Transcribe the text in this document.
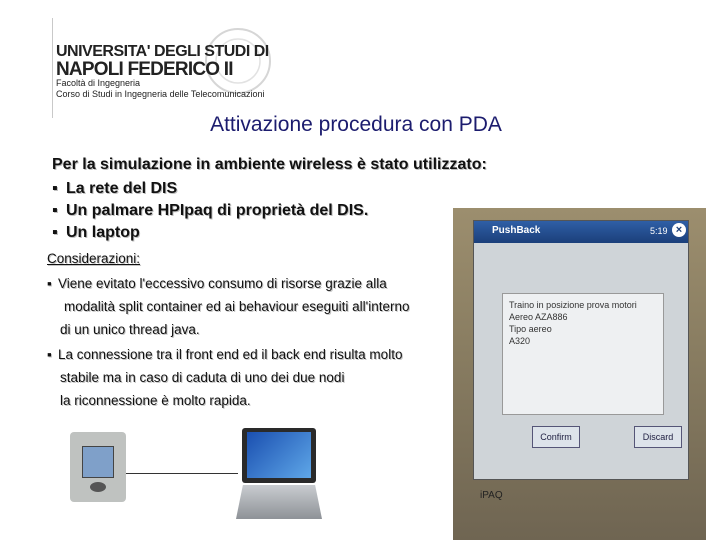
UNIVERSITA' DEGLI STUDI DI
NAPOLI FEDERICO II
Facoltà di Ingegneria
Corso di Studi in Ingegneria delle Telecomunicazioni
Attivazione procedura con PDA
Per la simulazione in ambiente wireless è stato utilizzato:
▪ La rete del DIS
▪ Un palmare HPIpaq di proprietà del DIS.
▪ Un laptop
Considerazioni:
▪ Viene evitato l'eccessivo consumo di risorse grazie alla
modalità split container ed ai behaviour eseguiti all'interno
di un unico thread java.
▪ La connessione tra il front end ed il back end risulta molto
stabile ma in caso di caduta di uno dei due nodi
la riconnessione è molto rapida.
PushBack	5:19 ×
Traino in posizione prova motori
Aereo AZA886
Tipo aereo
A320
Confirm	Discard
iPAQ
